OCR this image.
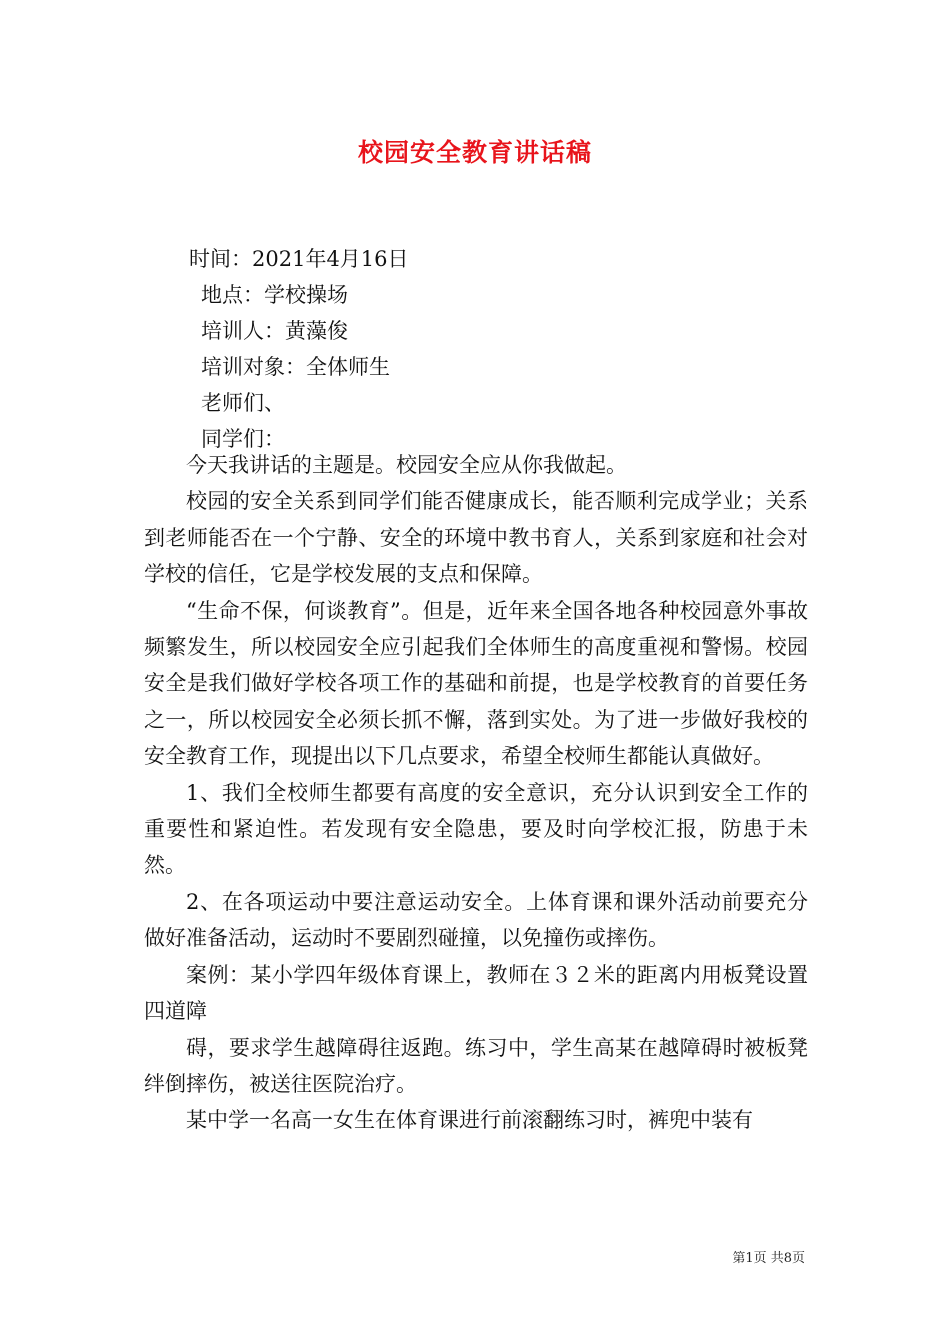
校园安全教育讲话稿
时间：2021年4月16日
地点：学校操场
培训人：黄藻俊
培训对象：全体师生
老师们、
同学们：

今天我讲话的主题是。校园安全应从你我做起。

校园的安全关系到同学们能否健康成长，能否顺利完成学业；关系到老师能否在一个宁静、安全的环境中教书育人，关系到家庭和社会对学校的信任，它是学校发展的支点和保障。

“生命不保，何谈教育”。但是，近年来全国各地各种校园意外事故频繁发生，所以校园安全应引起我们全体师生的高度重视和警惕。校园安全是我们做好学校各项工作的基础和前提，也是学校教育的首要任务之一，所以校园安全必须长抓不懈，落到实处。为了进一步做好我校的安全教育工作，现提出以下几点要求，希望全校师生都能认真做好。

1、我们全校师生都要有高度的安全意识，充分认识到安全工作的重要性和紧迫性。若发现有安全隐患，要及时向学校汇报，防患于未然。

2、在各项运动中要注意运动安全。上体育课和课外活动前要充分做好准备活动，运动时不要剧烈碰撞，以免撞伤或摔伤。

案例：某小学四年级体育课上，教师在３２米的距离内用板凳设置四道障

碍，要求学生越障碍往返跑。练习中，学生高某在越障碍时被板凳绊倒摔伤，被送往医院治疗。

某中学一名高一女生在体育课进行前滚翻练习时，裤兜中装有

第1页 共8页
